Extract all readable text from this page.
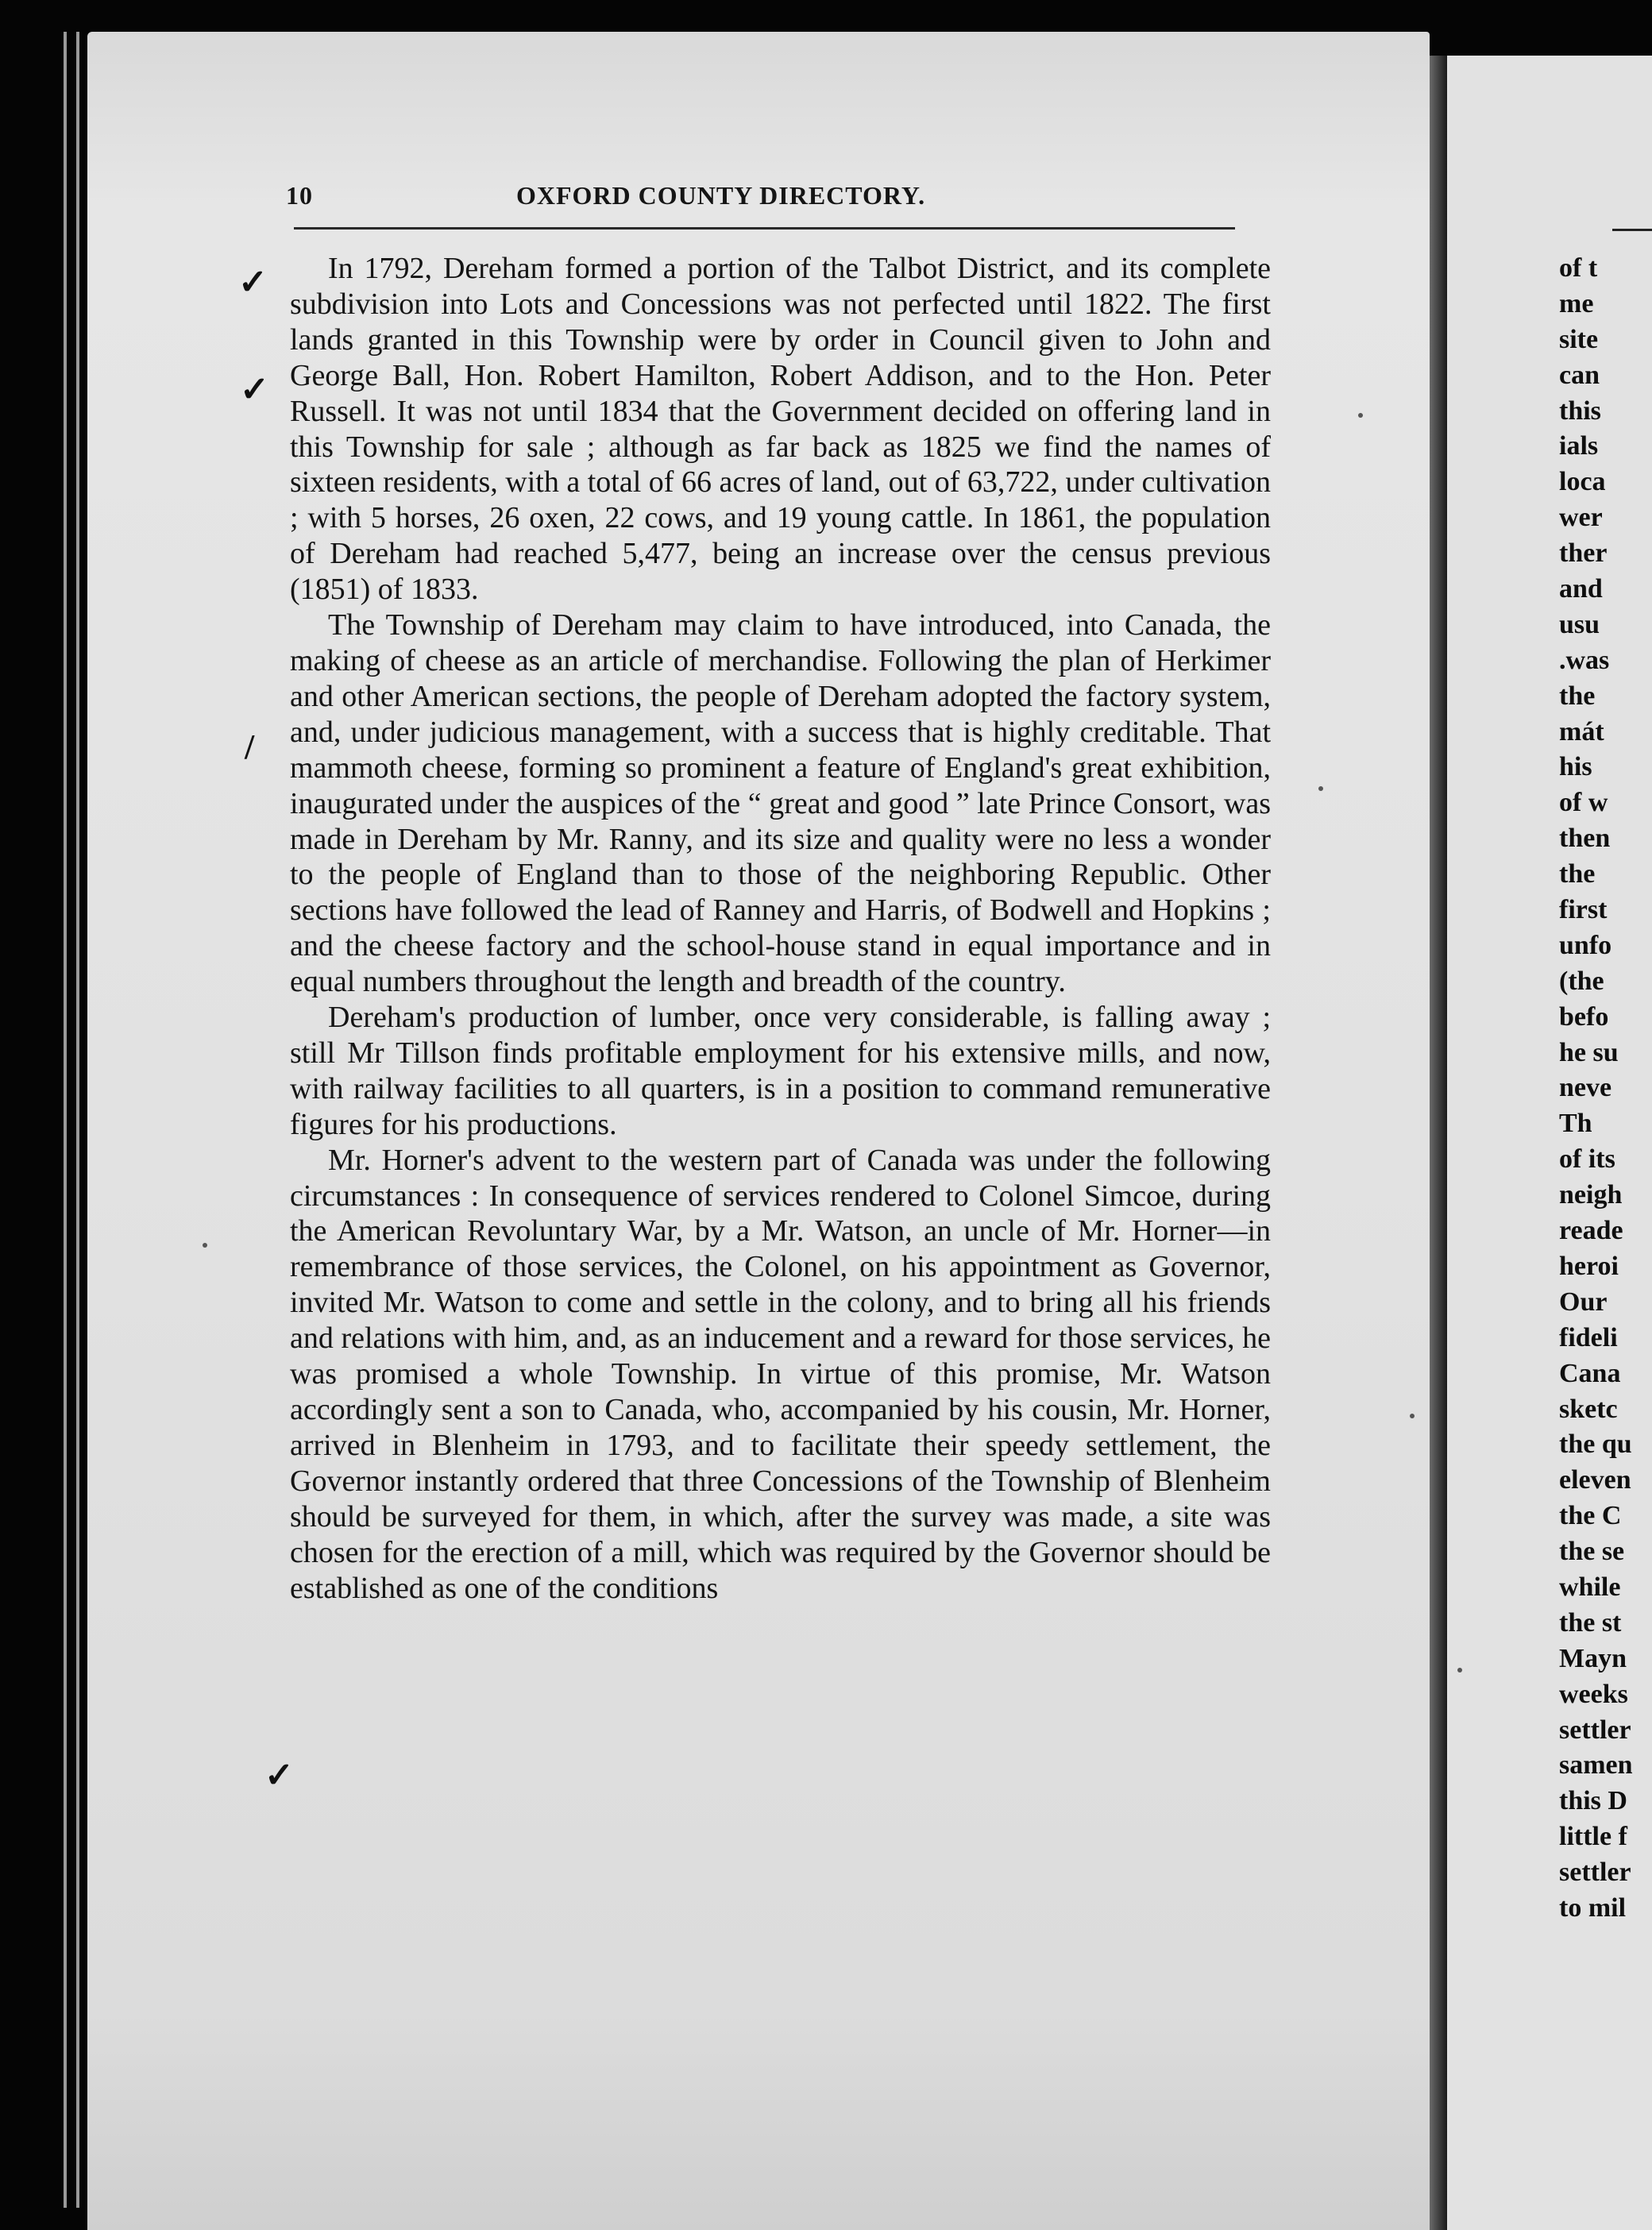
10	OXFORD COUNTY DIRECTORY.

In 1792, Dereham formed a portion of the Talbot District, and its complete subdivision into Lots and Concessions was not perfected until 1822. The first lands granted in this Township were by order in Council given to John and George Ball, Hon. Robert Hamilton, Robert Addison, and to the Hon. Peter Russell. It was not until 1834 that the Government decided on offering land in this Township for sale ; although as far back as 1825 we find the names of sixteen residents, with a total of 66 acres of land, out of 63,722, under cultivation ; with 5 horses, 26 oxen, 22 cows, and 19 young cattle. In 1861, the population of Dereham had reached 5,477, being an increase over the census previous (1851) of 1833.

The Township of Dereham may claim to have introduced, into Canada, the making of cheese as an article of merchandise. Following the plan of Herkimer and other American sections, the people of Dereham adopted the factory system, and, under judicious management, with a success that is highly creditable. That mammoth cheese, forming so prominent a feature of England's great exhibition, inaugurated under the auspices of the “ great and good ” late Prince Consort, was made in Dereham by Mr. Ranny, and its size and quality were no less a wonder to the people of England than to those of the neighboring Republic. Other sections have followed the lead of Ranney and Harris, of Bodwell and Hopkins ; and the cheese factory and the school-house stand in equal importance and in equal numbers throughout the length and breadth of the country.

Dereham's production of lumber, once very considerable, is falling away ; still Mr Tillson finds profitable employment for his extensive mills, and now, with railway facilities to all quarters, is in a position to command remunerative figures for his productions.

Mr. Horner's advent to the western part of Canada was under the following circumstances : In consequence of services rendered to Colonel Simcoe, during the American Revoluntary War, by a Mr. Watson, an uncle of Mr. Horner—in remembrance of those services, the Colonel, on his appointment as Governor, invited Mr. Watson to come and settle in the colony, and to bring all his friends and relations with him, and, as an inducement and a reward for those services, he was promised a whole Township. In virtue of this promise, Mr. Watson accordingly sent a son to Canada, who, accompanied by his cousin, Mr. Horner, arrived in Blenheim in 1793, and to facilitate their speedy settlement, the Governor instantly ordered that three Concessions of the Township of Blenheim should be surveyed for them, in which, after the survey was made, a site was chosen for the erection of a mill, which was required by the Governor should be established as one of the conditions

✓
✓
/
✓
of t
me
site
can
this
ials
loca
wer
ther
and
usu
.was
the
mát
his
of w
then
the
first
unfo
(the
befo
he su
neve
Th
of its
neigh
reade
heroi
Our
fideli
Cana
sketc
the qu
eleven
the C
the se
while
the st
Mayn
weeks
settler
samen
this D
little f
settler
to mil
